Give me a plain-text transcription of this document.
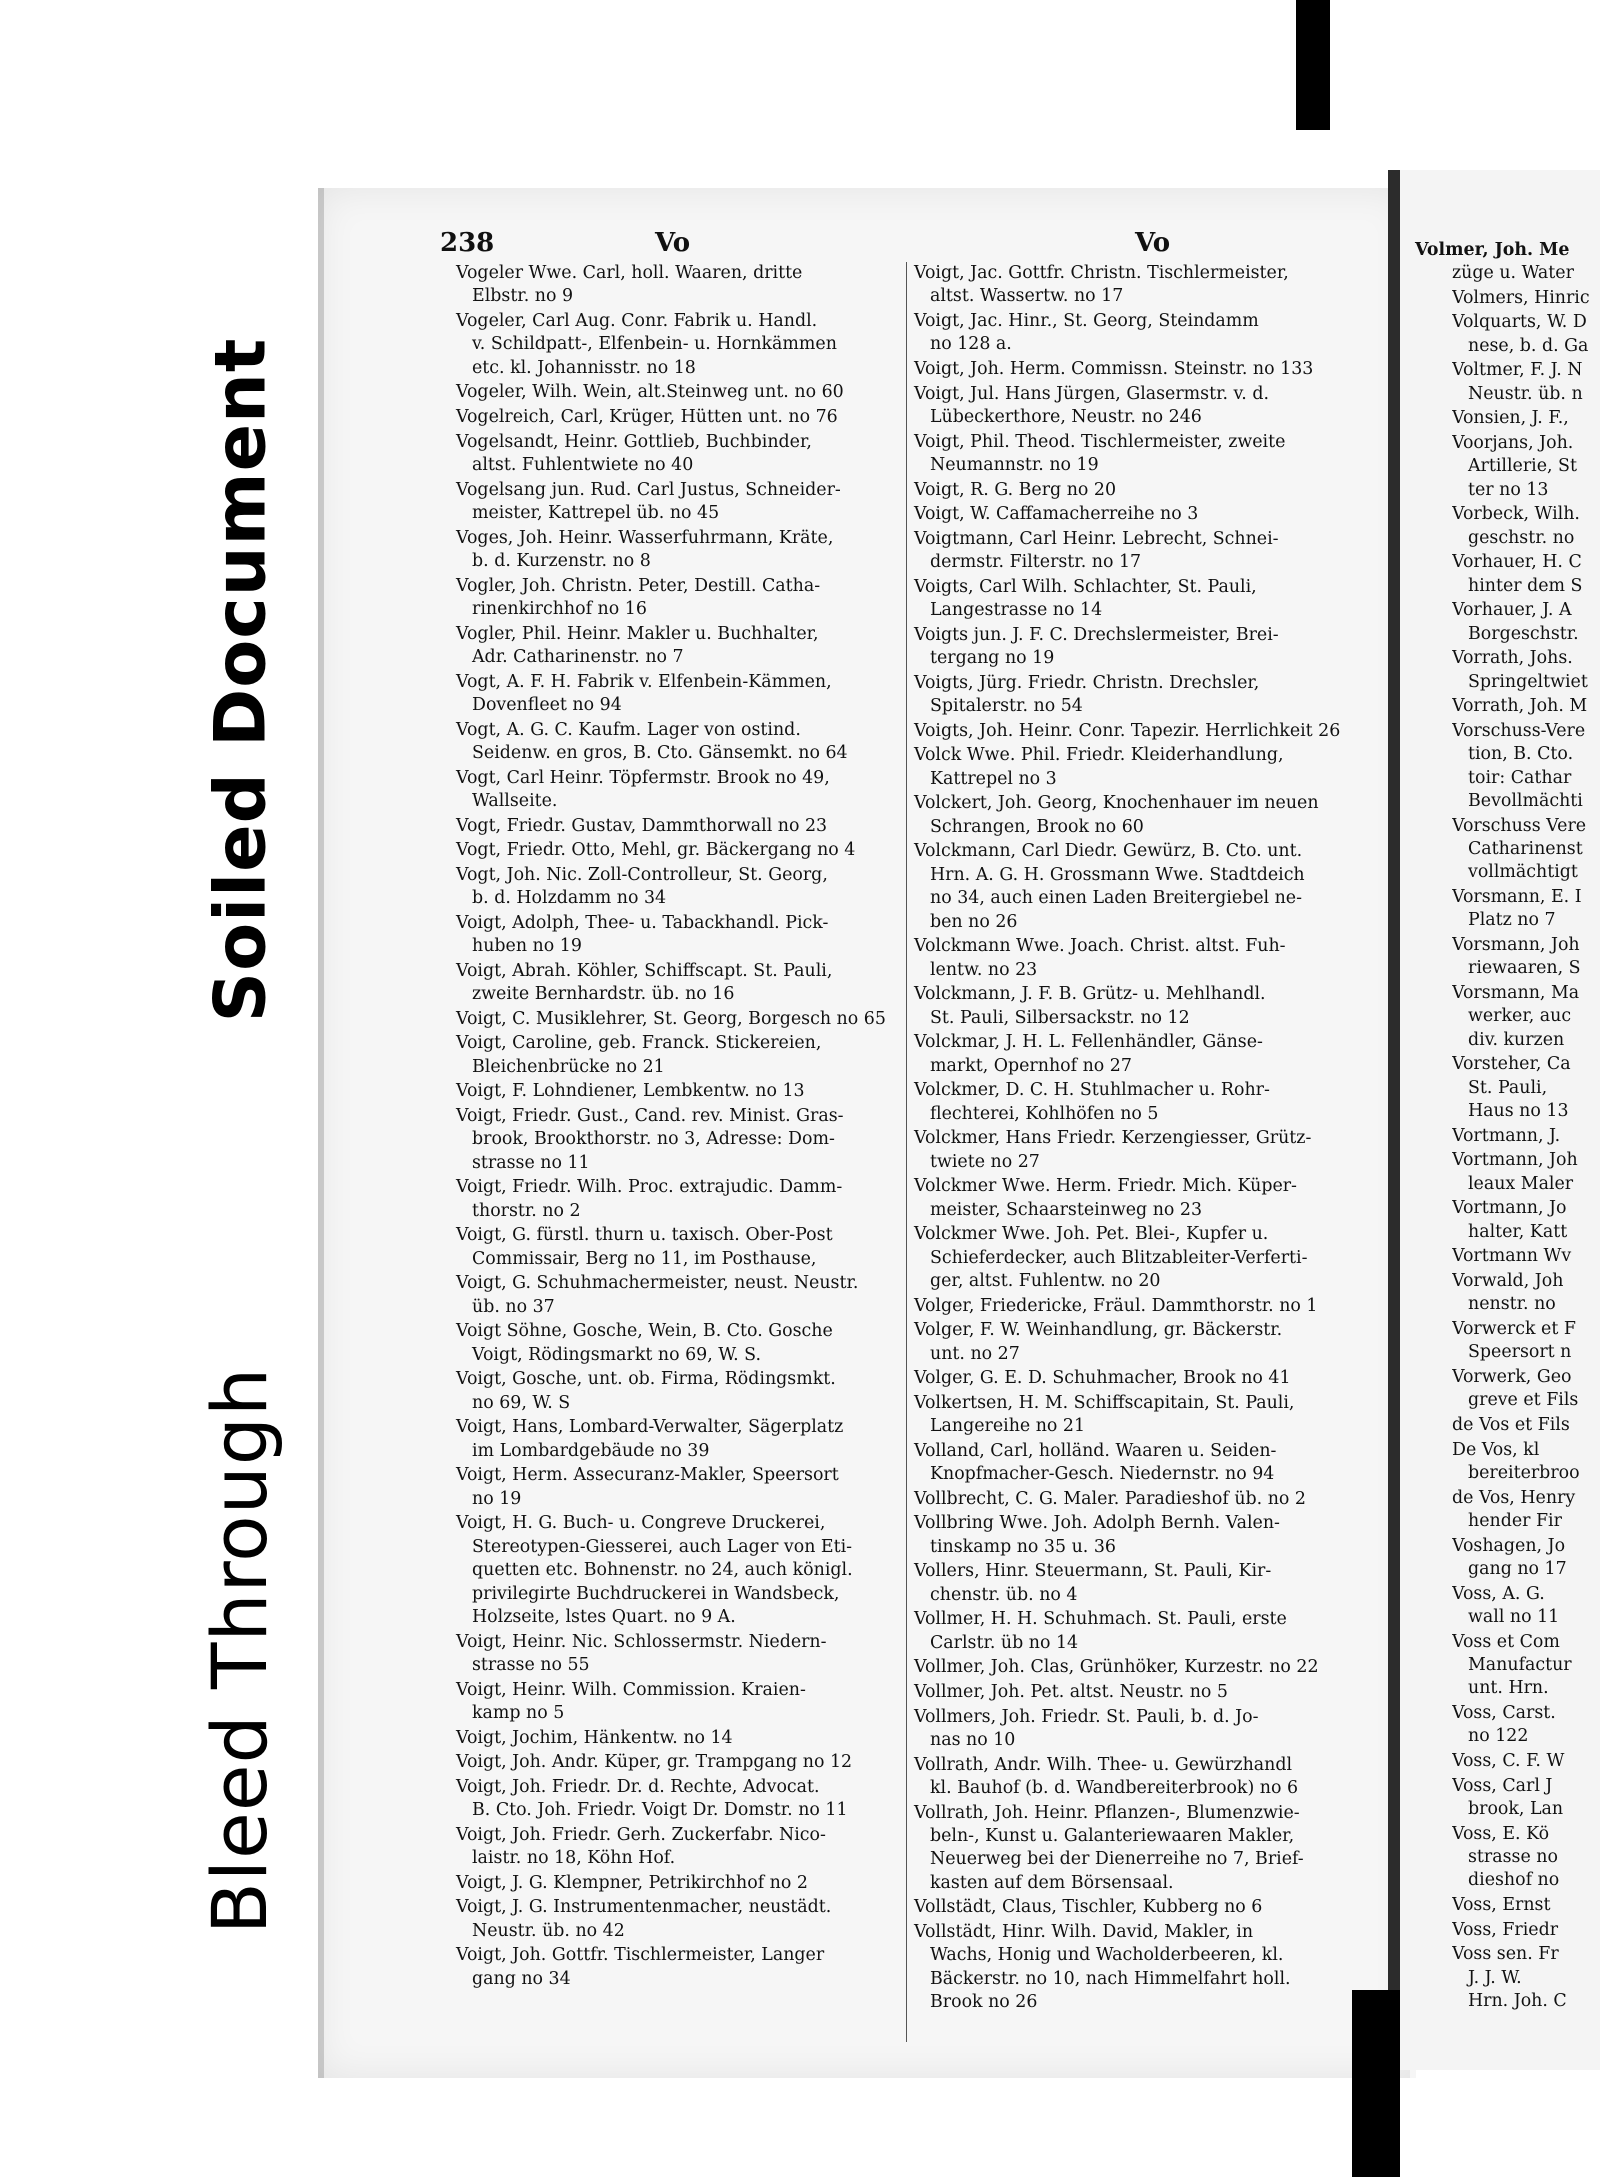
Soiled Document
Bleed Through
238	Vo	Vo	Volmer, Joh. Me
Vogeler Wwe. Carl, holl. Waaren, dritte
Elbstr. no 9
Vogeler, Carl Aug. Conr. Fabrik u. Handl.
v. Schildpatt-, Elfenbein- u. Hornkämmen
etc. kl. Johannisstr. no 18
Vogeler, Wilh. Wein, alt.Steinweg unt. no 60
Vogelreich, Carl, Krüger, Hütten unt. no 76
Vogelsandt, Heinr. Gottlieb, Buchbinder,
altst. Fuhlentwiete no 40
Vogelsang jun. Rud. Carl Justus, Schneider-
meister, Kattrepel üb. no 45
Voges, Joh. Heinr. Wasserfuhrmann, Kräte,
b. d. Kurzenstr. no 8
Vogler, Joh. Christn. Peter, Destill. Catha-
rinenkirchhof no 16
Vogler, Phil. Heinr. Makler u. Buchhalter,
Adr. Catharinenstr. no 7
Vogt, A. F. H. Fabrik v. Elfenbein-Kämmen,
Dovenfleet no 94
Vogt, A. G. C. Kaufm. Lager von ostind.
Seidenw. en gros, B. Cto. Gänsemkt. no 64
Vogt, Carl Heinr. Töpfermstr. Brook no 49,
Wallseite.
Vogt, Friedr. Gustav, Dammthorwall no 23
Vogt, Friedr. Otto, Mehl, gr. Bäckergang no 4
Vogt, Joh. Nic. Zoll-Controlleur, St. Georg,
b. d. Holzdamm no 34
Voigt, Adolph, Thee- u. Tabackhandl. Pick-
huben no 19
Voigt, Abrah. Köhler, Schiffscapt. St. Pauli,
zweite Bernhardstr. üb. no 16
Voigt, C. Musiklehrer, St. Georg, Borgesch no 65
Voigt, Caroline, geb. Franck. Stickereien,
Bleichenbrücke no 21
Voigt, F. Lohndiener, Lembkentw. no 13
Voigt, Friedr. Gust., Cand. rev. Minist. Gras-
brook, Brookthorstr. no 3, Adresse: Dom-
strasse no 11
Voigt, Friedr. Wilh. Proc. extrajudic. Damm-
thorstr. no 2
Voigt, G. fürstl. thurn u. taxisch. Ober-Post
Commissair, Berg no 11, im Posthause,
Voigt, G. Schuhmachermeister, neust. Neustr.
üb. no 37
Voigt Söhne, Gosche, Wein, B. Cto. Gosche
Voigt, Rödingsmarkt no 69, W. S.
Voigt, Gosche, unt. ob. Firma, Rödingsmkt.
no 69, W. S
Voigt, Hans, Lombard-Verwalter, Sägerplatz
im Lombardgebäude no 39
Voigt, Herm. Assecuranz-Makler, Speersort
no 19
Voigt, H. G. Buch- u. Congreve Druckerei,
Stereotypen-Giesserei, auch Lager von Eti-
quetten etc. Bohnenstr. no 24, auch königl.
privilegirte Buchdruckerei in Wandsbeck,
Holzseite, lstes Quart. no 9 A.
Voigt, Heinr. Nic. Schlossermstr. Niedern-
strasse no 55
Voigt, Heinr. Wilh. Commission. Kraien-
kamp no 5
Voigt, Jochim, Hänkentw. no 14
Voigt, Joh. Andr. Küper, gr. Trampgang no 12
Voigt, Joh. Friedr. Dr. d. Rechte, Advocat.
B. Cto. Joh. Friedr. Voigt Dr. Domstr. no 11
Voigt, Joh. Friedr. Gerh. Zuckerfabr. Nico-
laistr. no 18, Köhn Hof.
Voigt, J. G. Klempner, Petrikirchhof no 2
Voigt, J. G. Instrumentenmacher, neustädt.
Neustr. üb. no 42
Voigt, Joh. Gottfr. Tischlermeister, Langer
gang no 34
Voigt, Jac. Gottfr. Christn. Tischlermeister,
altst. Wassertw. no 17
Voigt, Jac. Hinr., St. Georg, Steindamm
no 128 a.
Voigt, Joh. Herm. Commissn. Steinstr. no 133
Voigt, Jul. Hans Jürgen, Glasermstr. v. d.
Lübeckerthore, Neustr. no 246
Voigt, Phil. Theod. Tischlermeister, zweite
Neumannstr. no 19
Voigt, R. G. Berg no 20
Voigt, W. Caffamacherreihe no 3
Voigtmann, Carl Heinr. Lebrecht, Schnei-
dermstr. Filterstr. no 17
Voigts, Carl Wilh. Schlachter, St. Pauli,
Langestrasse no 14
Voigts jun. J. F. C. Drechslermeister, Brei-
tergang no 19
Voigts, Jürg. Friedr. Christn. Drechsler,
Spitalerstr. no 54
Voigts, Joh. Heinr. Conr. Tapezir. Herrlichkeit 26
Volck Wwe. Phil. Friedr. Kleiderhandlung,
Kattrepel no 3
Volckert, Joh. Georg, Knochenhauer im neuen
Schrangen, Brook no 60
Volckmann, Carl Diedr. Gewürz, B. Cto. unt.
Hrn. A. G. H. Grossmann Wwe. Stadtdeich
no 34, auch einen Laden Breitergiebel ne-
ben no 26
Volckmann Wwe. Joach. Christ. altst. Fuh-
lentw. no 23
Volckmann, J. F. B. Grütz- u. Mehlhandl.
St. Pauli, Silbersackstr. no 12
Volckmar, J. H. L. Fellenhändler, Gänse-
markt, Opernhof no 27
Volckmer, D. C. H. Stuhlmacher u. Rohr-
flechterei, Kohlhöfen no 5
Volckmer, Hans Friedr. Kerzengiesser, Grütz-
twiete no 27
Volckmer Wwe. Herm. Friedr. Mich. Küper-
meister, Schaarsteinweg no 23
Volckmer Wwe. Joh. Pet. Blei-, Kupfer u.
Schieferdecker, auch Blitzableiter-Verferti-
ger, altst. Fuhlentw. no 20
Volger, Friedericke, Fräul. Dammthorstr. no 1
Volger, F. W. Weinhandlung, gr. Bäckerstr.
unt. no 27
Volger, G. E. D. Schuhmacher, Brook no 41
Volkertsen, H. M. Schiffscapitain, St. Pauli,
Langereihe no 21
Volland, Carl, holländ. Waaren u. Seiden-
Knopfmacher-Gesch. Niedernstr. no 94
Vollbrecht, C. G. Maler. Paradieshof üb. no 2
Vollbring Wwe. Joh. Adolph Bernh. Valen-
tinskamp no 35 u. 36
Vollers, Hinr. Steuermann, St. Pauli, Kir-
chenstr. üb. no 4
Vollmer, H. H. Schuhmach. St. Pauli, erste
Carlstr. üb no 14
Vollmer, Joh. Clas, Grünhöker, Kurzestr. no 22
Vollmer, Joh. Pet. altst. Neustr. no 5
Vollmers, Joh. Friedr. St. Pauli, b. d. Jo-
nas no 10
Vollrath, Andr. Wilh. Thee- u. Gewürzhandl
kl. Bauhof (b. d. Wandbereiterbrook) no 6
Vollrath, Joh. Heinr. Pflanzen-, Blumenzwie-
beln-, Kunst u. Galanteriewaaren Makler,
Neuerweg bei der Dienerreihe no 7, Brief-
kasten auf dem Börsensaal.
Vollstädt, Claus, Tischler, Kubberg no 6
Vollstädt, Hinr. Wilh. David, Makler, in
Wachs, Honig und Wacholderbeeren, kl.
Bäckerstr. no 10, nach Himmelfahrt holl.
Brook no 26
züge u. Water
Volmers, Hinric
Volquarts, W. D
nese, b. d. Ga
Voltmer, F. J. N
Neustr. üb. n
Vonsien, J. F.,
Voorjans, Joh.
Artillerie, St
ter no 13
Vorbeck, Wilh.
geschstr. no
Vorhauer, H. C
hinter dem S
Vorhauer, J. A
Borgeschstr.
Vorrath, Johs.
Springeltwiet
Vorrath, Joh. M
Vorschuss-Vere
tion, B. Cto.
toir: Cathar
Bevollmächti
Vorschuss Vere
Catharinenst
vollmächtigt
Vorsmann, E. I
Platz no 7
Vorsmann, Joh
riewaaren, S
Vorsmann, Ma
werker, auc
div. kurzen
Vorsteher, Ca
St. Pauli,
Haus no 13
Vortmann, J.
Vortmann, Joh
leaux Maler
Vortmann, Jo
halter, Katt
Vortmann Wv
Vorwald, Joh
nenstr. no
Vorwerck et F
Speersort n
Vorwerk, Geo
greve et Fils
de Vos et Fils
De Vos, kl
bereiterbroo
de Vos, Henry
hender Fir
Voshagen, Jo
gang no 17
Voss, A. G.
wall no 11
Voss et Com
Manufactur
unt. Hrn.
Voss, Carst.
no 122
Voss, C. F. W
Voss, Carl J
brook, Lan
Voss, E. Kö
strasse no
dieshof no
Voss, Ernst
Voss, Friedr
Voss sen. Fr
J. J. W.
Hrn. Joh. C
